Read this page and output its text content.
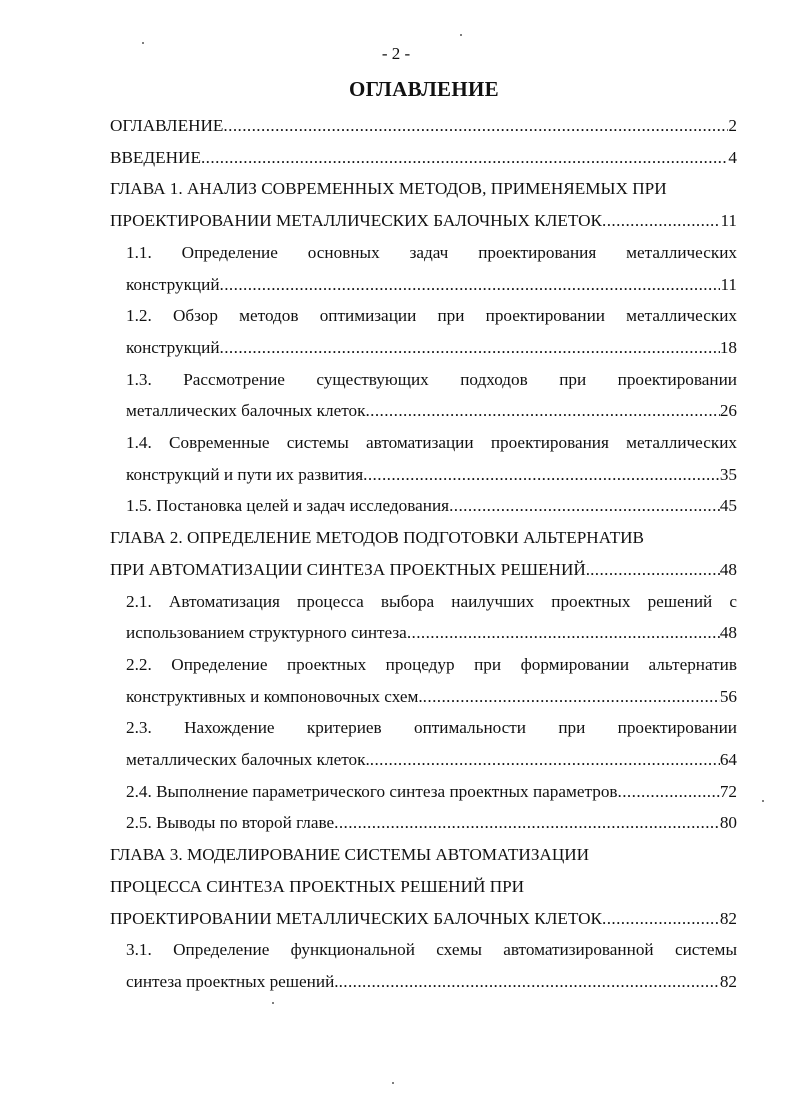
- 2 -
ОГЛАВЛЕНИЕ
ОГЛАВЛЕНИЕ .....	2
ВВЕДЕНИЕ .....	4
ГЛАВА 1. АНАЛИЗ СОВРЕМЕННЫХ МЕТОДОВ, ПРИМЕНЯЕМЫХ ПРИ
ПРОЕКТИРОВАНИИ МЕТАЛЛИЧЕСКИХ БАЛОЧНЫХ КЛЕТОК .....	11
1.1. Определение основных задач проектирования металлических
конструкций .....	11
1.2. Обзор методов оптимизации при проектировании металлических
конструкций .....	18
1.3. Рассмотрение существующих подходов при проектировании
металлических балочных клеток .....	26
1.4. Современные системы автоматизации проектирования металлических
конструкций и пути их развития .....	35
1.5. Постановка целей и задач исследования .....	45
ГЛАВА 2. ОПРЕДЕЛЕНИЕ МЕТОДОВ ПОДГОТОВКИ АЛЬТЕРНАТИВ
ПРИ АВТОМАТИЗАЦИИ СИНТЕЗА ПРОЕКТНЫХ РЕШЕНИЙ. .....	48
2.1. Автоматизация процесса выбора наилучших проектных решений с
использованием структурного синтеза .....	48
2.2. Определение проектных процедур при формировании альтернатив
конструктивных и компоновочных схем. .....	56
2.3. Нахождение критериев оптимальности при проектировании
металлических балочных клеток. .....	64
2.4. Выполнение параметрического синтеза проектных параметров .....	72
2.5. Выводы по второй главе .....	80
ГЛАВА 3. МОДЕЛИРОВАНИЕ СИСТЕМЫ АВТОМАТИЗАЦИИ
ПРОЦЕССА СИНТЕЗА ПРОЕКТНЫХ РЕШЕНИЙ ПРИ
ПРОЕКТИРОВАНИИ МЕТАЛЛИЧЕСКИХ БАЛОЧНЫХ КЛЕТОК .....	82
3.1. Определение функциональной схемы автоматизированной системы
синтеза проектных решений. .....	82
